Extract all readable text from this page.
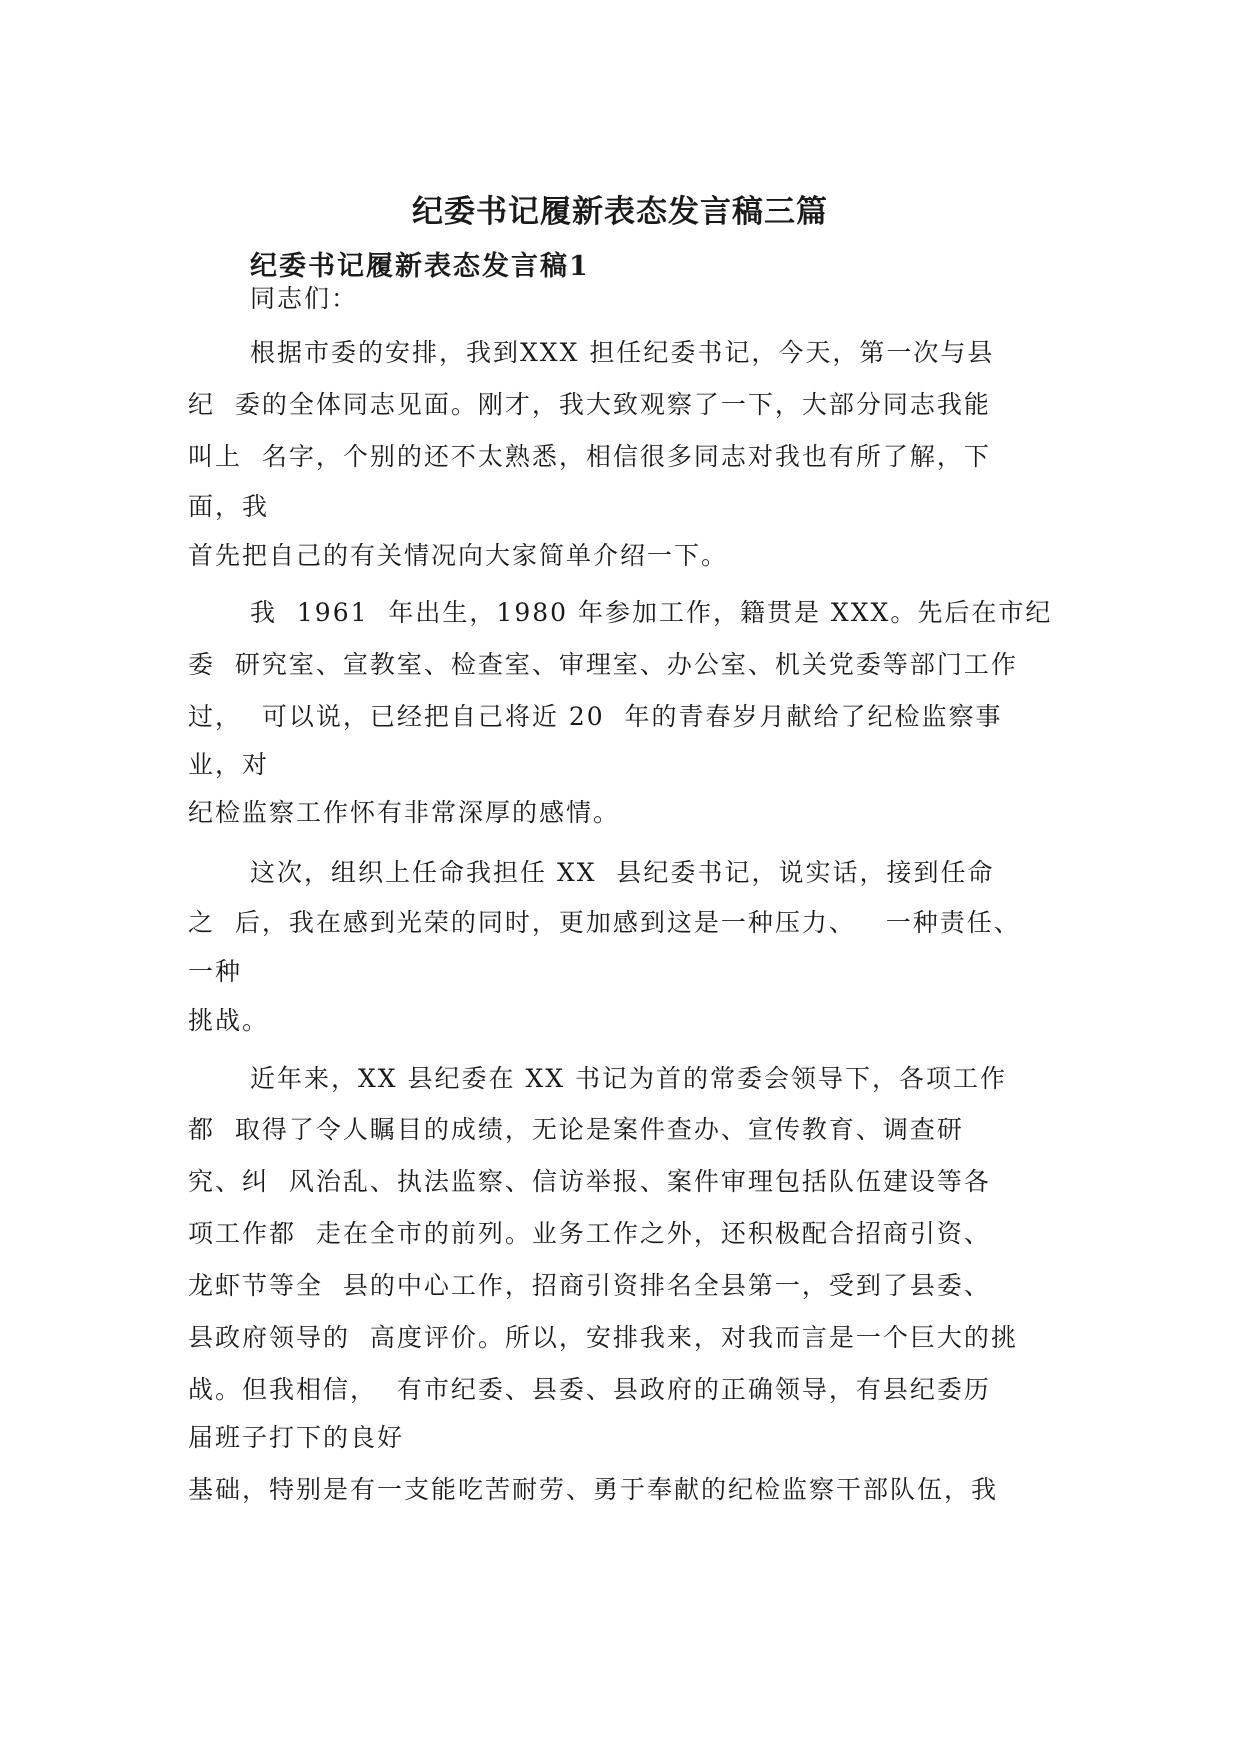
纪委书记履新表态发言稿三篇
纪委书记履新表态发言稿1

同志们：

根据市委的安排，我到XXX 担任纪委书记，今天，第一次与县

纪  委的全体同志见面。刚才，我大致观察了一下，大部分同志我能

叫上  名字，个别的还不太熟悉，相信很多同志对我也有所了解，下

面，我

首先把自己的有关情况向大家简单介绍一下。

我  1961  年出生，1980 年参加工作，籍贯是 XXX。先后在市纪

委  研究室、宣教室、检查室、审理室、办公室、机关党委等部门工作

过，  可以说，已经把自己将近 20  年的青春岁月献给了纪检监察事

业，对

纪检监察工作怀有非常深厚的感情。

这次，组织上任命我担任 XX  县纪委书记，说实话，接到任命

之  后，我在感到光荣的同时，更加感到这是一种压力、   一种责任、

一种

挑战。

近年来，XX 县纪委在 XX 书记为首的常委会领导下，各项工作

都  取得了令人瞩目的成绩，无论是案件查办、宣传教育、调查研

究、纠  风治乱、执法监察、信访举报、案件审理包括队伍建设等各

项工作都  走在全市的前列。业务工作之外，还积极配合招商引资、

龙虾节等全  县的中心工作，招商引资排名全县第一，受到了县委、

县政府领导的  高度评价。所以，安排我来，对我而言是一个巨大的挑

战。但我相信，  有市纪委、县委、县政府的正确领导，有县纪委历

届班子打下的良好

基础，特别是有一支能吃苦耐劳、勇于奉献的纪检监察干部队伍，我
